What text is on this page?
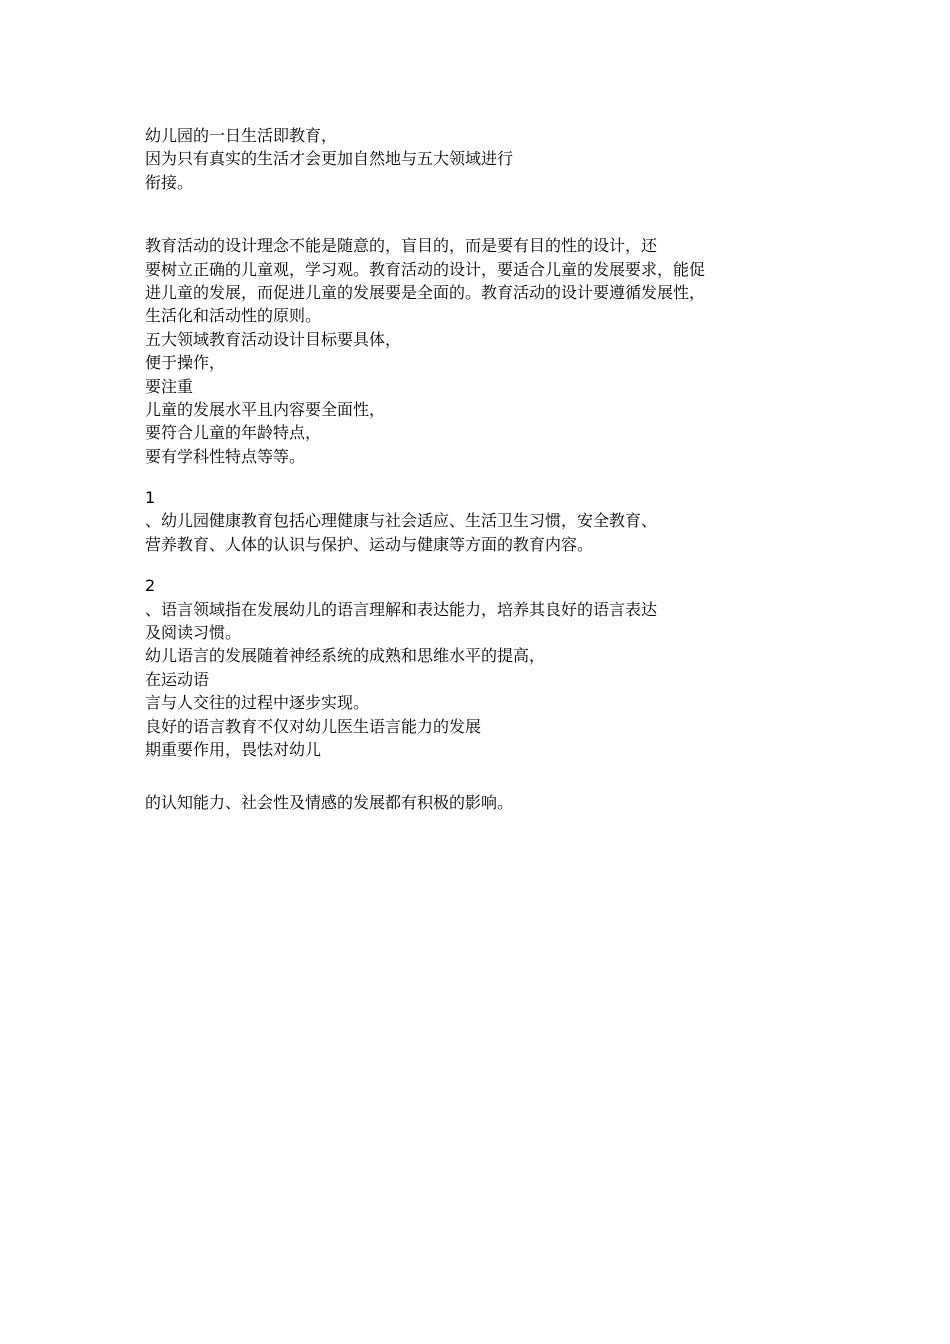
幼儿园的一日生活即教育，
因为只有真实的生活才会更加自然地与五大领域进行
衔接。
教育活动的设计理念不能是随意的，盲目的，而是要有目的性的设计，还
要树立正确的儿童观，学习观。教育活动的设计，要适合儿童的发展要求，能促
进儿童的发展，而促进儿童的发展要是全面的。教育活动的设计要遵循发展性，
生活化和活动性的原则。
五大领域教育活动设计目标要具体，
便于操作，
要注重
儿童的发展水平且内容要全面性，
要符合儿童的年龄特点，
要有学科性特点等等。
1
、幼儿园健康教育包括心理健康与社会适应、生活卫生习惯，安全教育、
营养教育、人体的认识与保护、运动与健康等方面的教育内容。
2
、语言领域指在发展幼儿的语言理解和表达能力，培养其良好的语言表达
及阅读习惯。
幼儿语言的发展随着神经系统的成熟和思维水平的提高，
在运动语
言与人交往的过程中逐步实现。
良好的语言教育不仅对幼儿医生语言能力的发展
期重要作用，畏怯对幼儿
的认知能力、社会性及情感的发展都有积极的影响。
